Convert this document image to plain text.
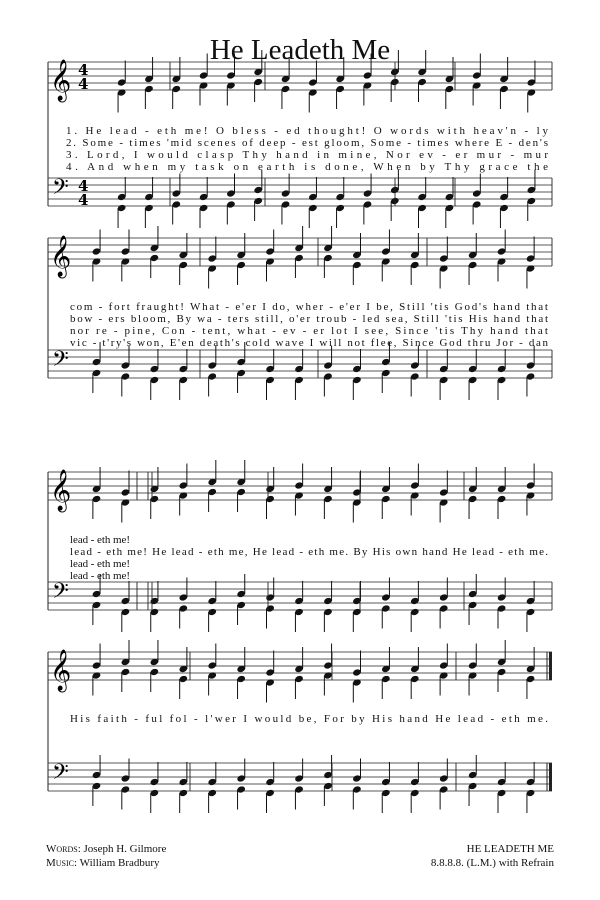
He Leadeth Me
𝄞
𝄢
4
4
4
4
1. He lead - eth me! O bless - ed thought! O words with heav'n - ly
2. Some - times 'mid scenes of deep - est gloom, Some - times where E - den's
3. Lord, I would clasp Thy hand in mine, Nor ev - er mur - mur
4. And when my task on earth is done, When by Thy grace the
𝄞
𝄢
com - fort fraught! What - e'er I do, wher - e'er I be, Still 'tis God's hand that
bow - ers bloom, By wa - ters still, o'er troub - led sea, Still 'tis His hand that
nor re - pine, Con - tent, what - ev - er lot I see, Since 'tis Thy hand that
vic - t'ry's won, E'en death's cold wave I will not flee, Since God thru Jor - dan
𝄞
𝄢
lead - eth me!
lead - eth me! He lead - eth me, He lead - eth me. By His own hand He lead - eth me.
lead - eth me!
lead - eth me!
𝄞
𝄢
His faith - ful fol - l'wer I would be, For by His hand He lead - eth me.
Words: Joseph H. Gilmore
Music: William Bradbury
HE LEADETH ME
8.8.8.8. (L.M.) with Refrain
